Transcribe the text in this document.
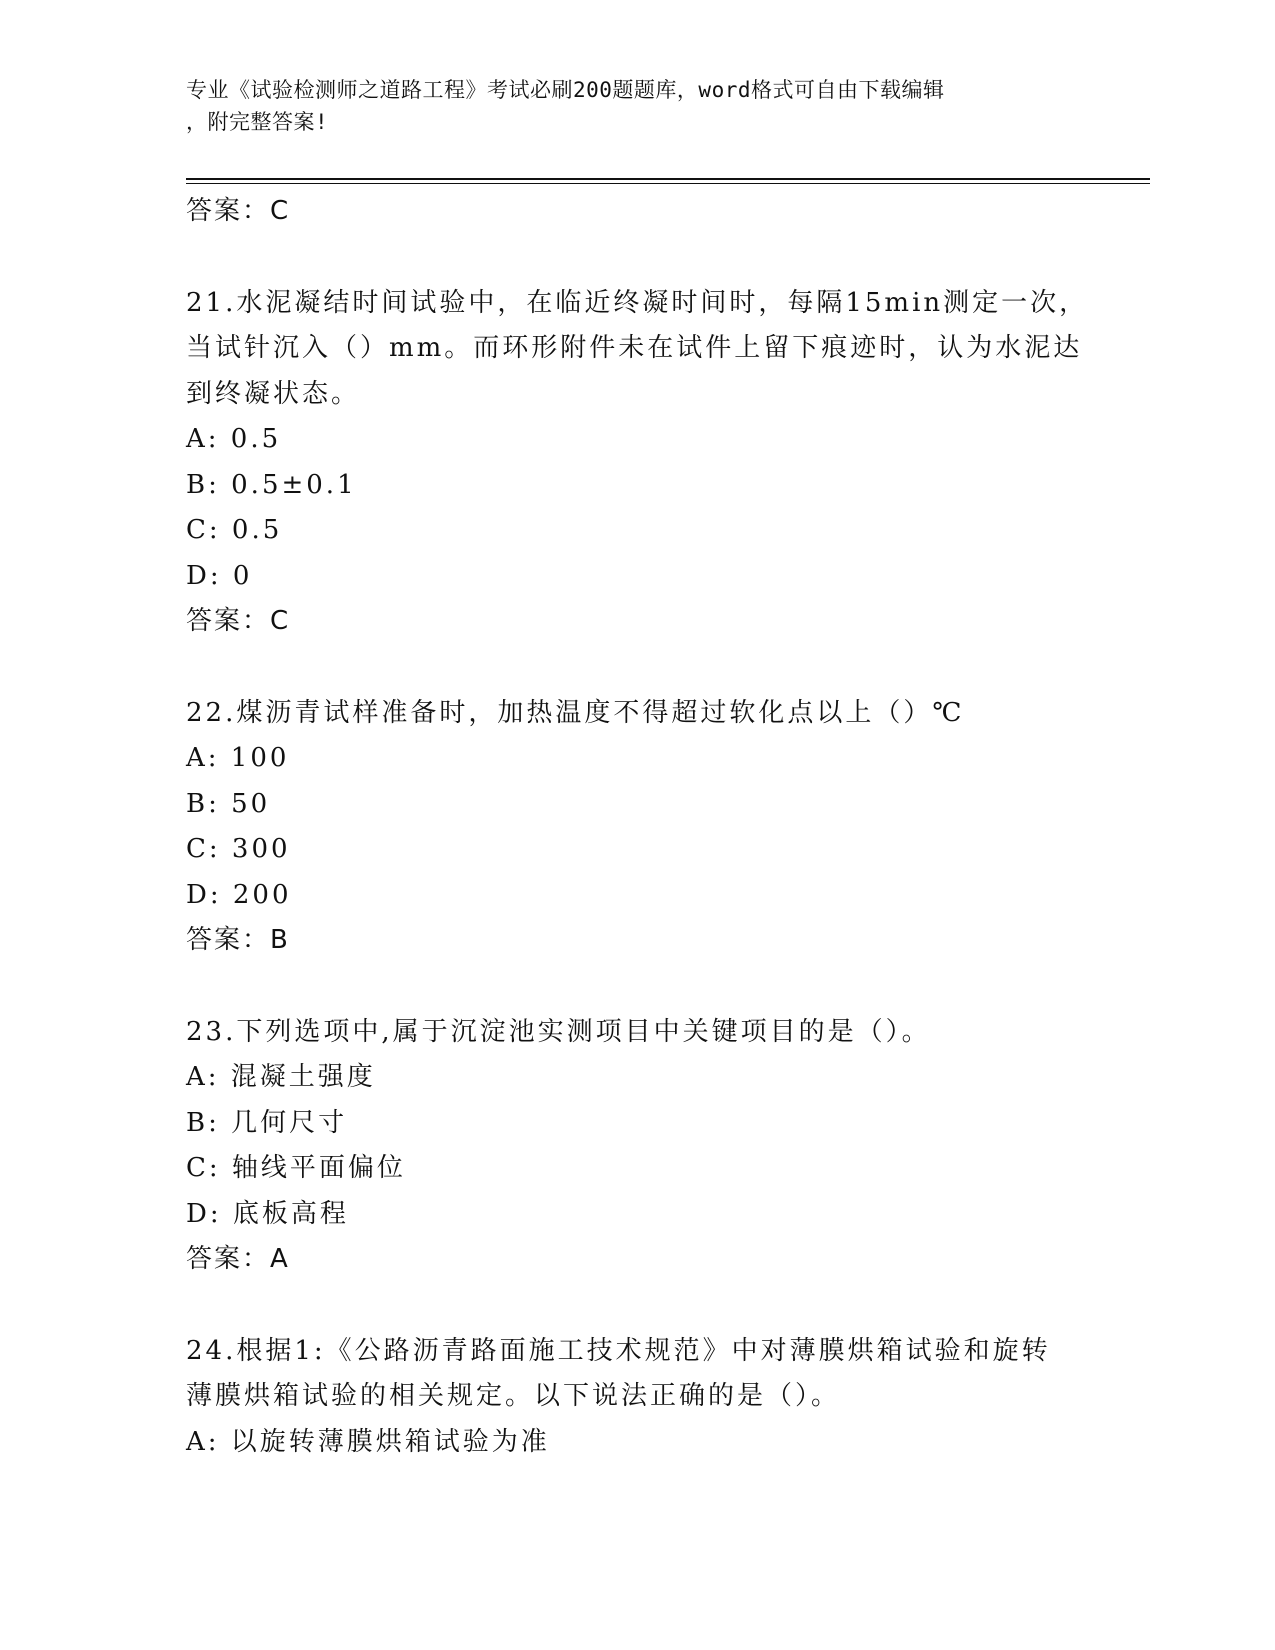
专业《试验检测师之道路工程》考试必刷200题题库，word格式可自由下载编辑
，附完整答案!
答案：C
21.水泥凝结时间试验中，在临近终凝时间时，每隔15min测定一次，
当试针沉入（）mm。而环形附件未在试件上留下痕迹时，认为水泥达
到终凝状态。
A: 0.5
B: 0.5±0.1
C: 0.5
D: 0
答案：C
22.煤沥青试样准备时，加热温度不得超过软化点以上（）℃
A: 100
B: 50
C: 300
D: 200
答案：B
23.下列选项中,属于沉淀池实测项目中关键项目的是（）。
A: 混凝土强度
B: 几何尺寸
C: 轴线平面偏位
D: 底板高程
答案：A
24.根据1:《公路沥青路面施工技术规范》中对薄膜烘箱试验和旋转
薄膜烘箱试验的相关规定。以下说法正确的是（）。
A: 以旋转薄膜烘箱试验为准
